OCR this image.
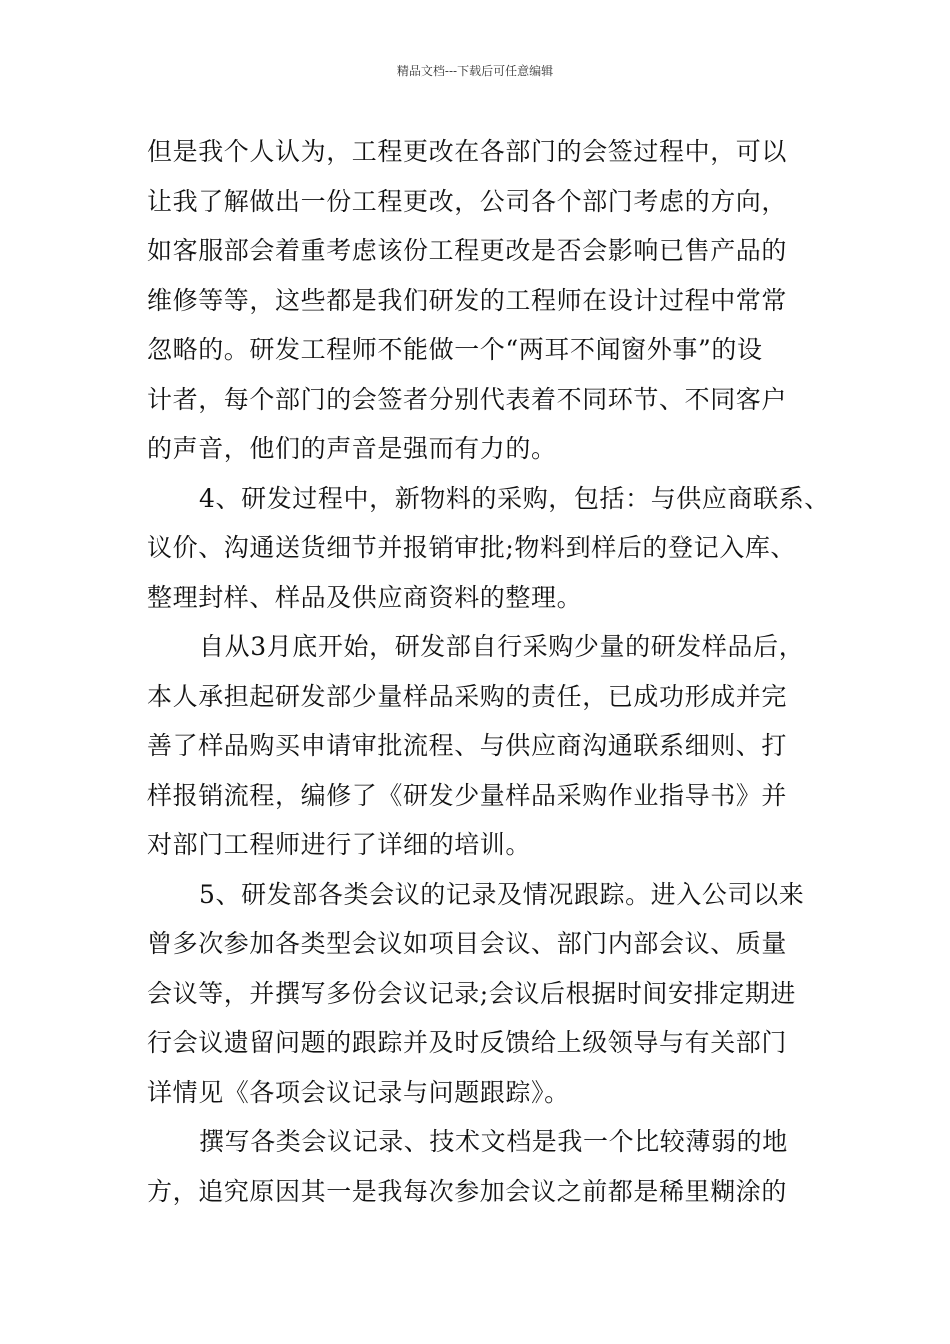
精品文档---下载后可任意编辑
但是我个人认为，工程更改在各部门的会签过程中，可以
让我了解做出一份工程更改，公司各个部门考虑的方向，
如客服部会着重考虑该份工程更改是否会影响已售产品的
维修等等，这些都是我们研发的工程师在设计过程中常常
忽略的。研发工程师不能做一个“两耳不闻窗外事”的设
计者，每个部门的会签者分别代表着不同环节、不同客户
的声音，他们的声音是强而有力的。
4、研发过程中，新物料的采购，包括：与供应商联系、
议价、沟通送货细节并报销审批;物料到样后的登记入库、
整理封样、样品及供应商资料的整理。
自从3月底开始，研发部自行采购少量的研发样品后，
本人承担起研发部少量样品采购的责任，已成功形成并完
善了样品购买申请审批流程、与供应商沟通联系细则、打
样报销流程，编修了《研发少量样品采购作业指导书》并
对部门工程师进行了详细的培训。
5、研发部各类会议的记录及情况跟踪。进入公司以来
曾多次参加各类型会议如项目会议、部门内部会议、质量
会议等，并撰写多份会议记录;会议后根据时间安排定期进
行会议遗留问题的跟踪并及时反馈给上级领导与有关部门
详情见《各项会议记录与问题跟踪》。
撰写各类会议记录、技术文档是我一个比较薄弱的地
方，追究原因其一是我每次参加会议之前都是稀里糊涂的
